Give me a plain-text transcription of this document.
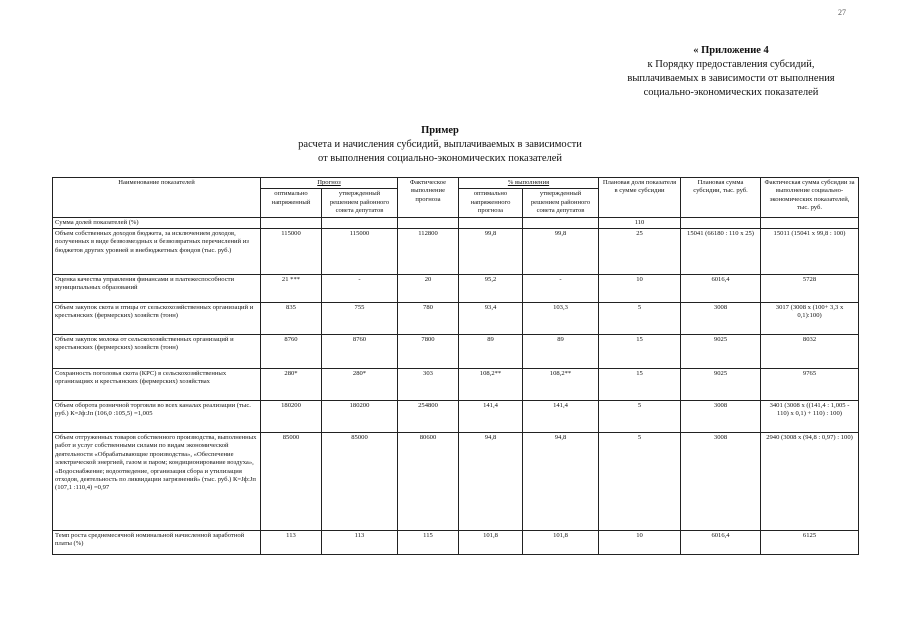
27
« Приложение 4
к Порядку предоставления субсидий,
выплачиваемых в зависимости от выполнения
социально-экономических показателей
Пример
расчета и начисления субсидий, выплачиваемых в зависимости
от выполнения социально-экономических показателей
Наименование показателей	Прогноз		Фактическое выполнение прогноза	% выполнения		Плановая доля показателя в сумме субсидии	Плановая сумма субсидии, тыс. руб.	Фактическая сумма субсидии за выполнение социально-экономических показателей, тыс. руб.
	оптимально напряженный	утвержденный решением районного совета депутатов		оптимально напряженного прогноза	утвержденный решением районного совета депутатов			
Сумма долей показателей (%)						110		
Объем собственных доходов бюджета, за исключением доходов, полученных в виде безвозмездных и безвозвратных перечислений из бюджетов других уровней и внебюджетных фондов (тыс. руб.)	115000	115000	112800	99,8	99,8	25	15041 (66180 : 110 x 25)	15011 (15041 x 99,8 : 100)
Оценка качества управления финансами и платежеспособности муниципальных образований	21 ***	-	20	95,2	-	10	6016,4	5728
Объем закупок скота и птицы от сельскохозяйственных организаций и крестьянских (фермерских) хозяйств (тонн)	835	755	780	93,4	103,3	5	3008	3017 (3008 x (100+ 3,3 x 0,1):100)
Объем закупок молока от сельскохозяйственных организаций и крестьянских (фермерских) хозяйств (тонн)	8760	8760	7800	89	89	15	9025	8032
Сохранность поголовья скота (КРС) в сельскохозяйственных организациях и крестьянских (фермерских) хозяйствах	280*	280*	303	108,2**	108,2**	15	9025	9765
Объем оборота розничной торговли во всех каналах реализации (тыс. руб.) К=Jф:Jп (106,0 :105,5) =1,005	180200	180200	254800	141,4	141,4	5	3008	3401 (3008 x ((141,4 : 1,005 - 110) x 0,1) + 110) : 100)
Объем отгруженных товаров собственного производства, выполненных работ и услуг собственными силами по видам экономической деятельности «Обрабатывающие производства», «Обеспечение электрической энергией, газом и паром; кондиционирование воздуха», «Водоснабжение; водоотведение, организация сбора и утилизация отходов, деятельность по ликвидации загрязнений» (тыс. руб.) К=Jф:Jп (107,1 :110,4) =0,97	85000	85000	80600	94,8	94,8	5	3008	2940 (3008 x (94,8 : 0,97) : 100)
Темп роста среднемесячной номинальной начисленной заработной платы (%)	113	113	115	101,8	101,8	10	6016,4	6125
